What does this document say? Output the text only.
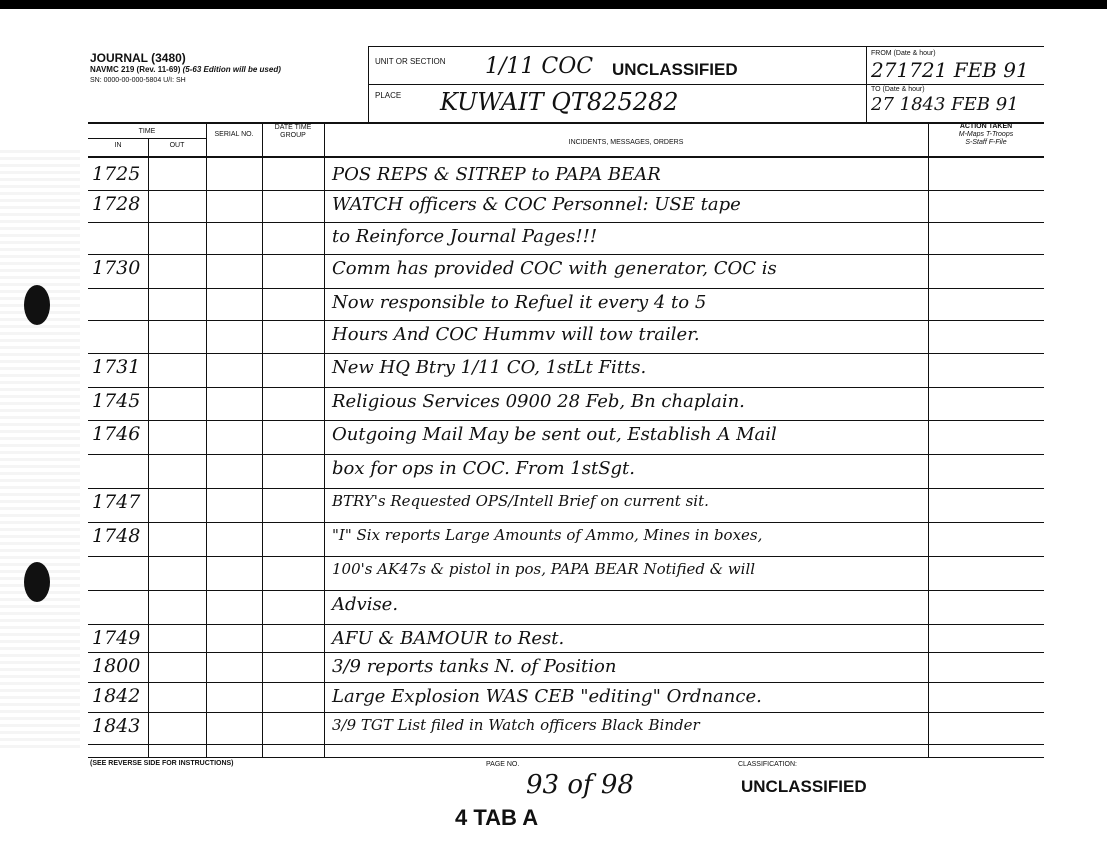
JOURNAL (3480)
NAVMC 219 (Rev. 11-69) (5-63 Edition will be used)
SN: 0000-00-000-5804 U/I: SH
UNIT OR SECTION 1/11 COC UNCLASSIFIED
PLACE KUWAIT QT825282
FROM (Date & hour)
271721 FEB 91
TO (Date & hour)
27 1843 FEB 91
TIME
IN	OUT
SERIAL NO.
DATE TIME GROUP
INCIDENTS, MESSAGES, ORDERS
ACTION TAKEN
M-Maps T-Troops
S-Staff F-File
1725	POS REPS & SITREP to PAPA BEAR
1728	WATCH officers & COC Personnel: USE tape
to Reinforce Journal Pages!!!
1730	Comm has provided COC with generator, COC is
Now responsible to Refuel it every 4 to 5
Hours And COC Hummv will tow trailer.
1731	New HQ Btry 1/11 CO, 1stLt Fitts.
1745	Religious Services 0900 28 Feb, Bn chaplain.
1746	Outgoing Mail May be sent out, Establish A Mail
box for ops in COC. From 1stSgt.
1747	BTRY's Requested OPS/Intell Brief on current sit.
1748	"I" Six reports Large Amounts of Ammo, Mines in boxes,
100's AK47s & pistol in pos, PAPA BEAR Notified & will
Advise.
1749	AFU & BAMOUR to Rest.
1800	3/9 reports tanks N. of Position
1842	Large Explosion WAS CEB "editing" Ordnance.
1843	3/9 TGT List filed in Watch officers Black Binder
(SEE REVERSE SIDE FOR INSTRUCTIONS)	PAGE NO.
93 of 98
CLASSIFICATION:
UNCLASSIFIED
4 TAB A
